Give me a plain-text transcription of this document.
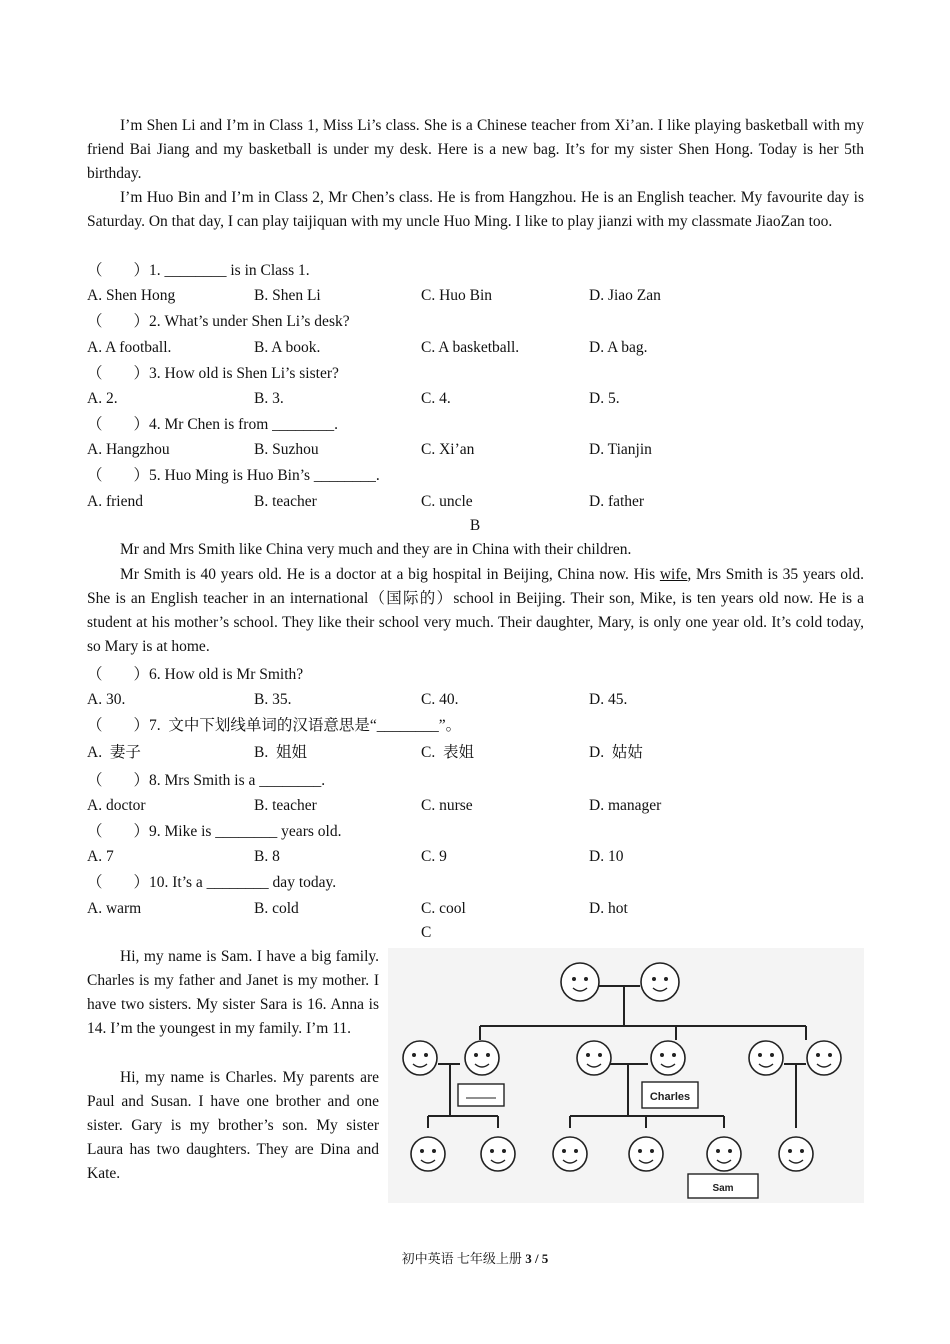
I’m Shen Li and I’m in Class 1, Miss Li’s class. She is a Chinese teacher from Xi’an. I like playing basketball with my friend Bai Jiang and my basketball is under my desk. Here is a new bag. It’s for my sister Shen Hong. Today is her 5th birthday.

I’m Huo Bin and I’m in Class 2, Mr Chen’s class. He is from Hangzhou. He is an English teacher. My favourite day is Saturday. On that day, I can play taijiquan with my uncle Huo Ming. I like to play jianzi with my classmate JiaoZan too.

（　　）1. ________ is in Class 1.
A. Shen Hong	B. Shen Li	C. Huo Bin	D. Jiao Zan
（　　）2. What’s under Shen Li’s desk?
A. A football.	B. A book.	C. A basketball.	D. A bag.
（　　）3. How old is Shen Li’s sister?
A. 2.	B. 3.	C. 4.	D. 5.
（　　）4. Mr Chen is from ________.
A. Hangzhou	B. Suzhou	C. Xi’an	D. Tianjin
（　　）5. Huo Ming is Huo Bin’s ________.
A. friend	B. teacher	C. uncle	D. father
B

Mr and Mrs Smith like China very much and they are in China with their children.

Mr Smith is 40 years old. He is a doctor at a big hospital in Beijing, China now. His wife, Mrs Smith is 35 years old. She is an English teacher in an international（国际的）school in Beijing. Their son, Mike, is ten years old now. He is a student at his mother’s school. They like their school very much. Their daughter, Mary, is only one year old. It’s cold today, so Mary is at home.

（　　）6. How old is Mr Smith?
A. 30.	B. 35.	C. 40.	D. 45.
（　　）7.  文中下划线单词的汉语意思是“________”。
A.  妻子	B.  姐姐	C.  表姐	D.  姑姑
（　　）8. Mrs Smith is a ________.
A. doctor	B. teacher	C. nurse	D. manager
（　　）9. Mike is ________ years old.
A. 7	B. 8	C. 9	D. 10
（　　）10. It’s a ________ day today.
A. warm	B. cold	C. cool	D. hot
C

Hi, my name is Sam. I have a big family. Charles is my father and Janet is my mother. I have two sisters. My sister Sara is 16. Anna is 14. I’m the youngest in my family. I’m 11.

Hi, my name is Charles. My parents are Paul and Susan. I have one brother and one sister. Gary is my brother’s son. My sister Laura has two daughters. They are Dina and Kate.

Charles
Sam
初中英语 七年级上册 3 / 5
